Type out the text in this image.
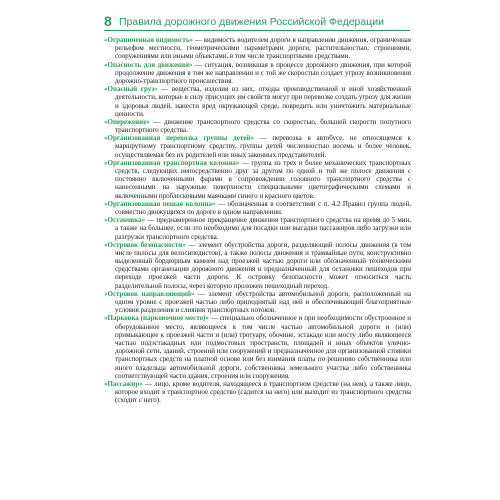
8 Правила дорожного движения Российской Федерации

«Ограниченная видимость» — видимость водителем дороги в направлении движения, ограниченная рельефом местности, геометрическими параметрами дороги, растительностью, строениями, сооружениями или иными объектами, в том числе транспортными средствами.

«Опасность для движения» — ситуация, возникшая в процессе дорожного движения, при которой продолжение движения в том же направлении и с той же скоростью создает угрозу возникновения дорожно-транспортного происшествия.

«Опасный груз» — вещества, изделия из них, отходы производственной и иной хозяйственной деятельности, которые в силу присущих им свойств могут при перевозке создать угрозу для жизни и здоровья людей, нанести вред окружающей среде, повредить или уничтожить материальные ценности.

«Опережение» — движение транспортного средства со скоростью, большей скорости попутного транспортного средства.

«Организованная перевозка группы детей» — перевозка в автобусе, не относящемся к маршрутному транспортному средству, группы детей численностью восемь и более человек, осуществляемая без их родителей или иных законных представителей.

«Организованная транспортная колонна» — группа из трех и более механических транспортных средств, следующих непосредственно друг за другом по одной и той же полосе движения с постоянно включенными фарами в сопровождении головного транспортного средства с нанесенными на наружные поверхности специальными цветографическими схемами и включенными проблесковыми маячками синего и красного цветов.

«Организованная пешая колонна» — обозначенная в соответствии с п. 4.2 Правил группа людей, совместно движущихся по дороге в одном направлении.

«Остановка» — преднамеренное прекращение движения транспортного средства на время до 5 мин, а также на большее, если это необходимо для посадки или высадки пассажиров либо загрузки или разгрузки транспортного средства.

«Островок безопасности» — элемент обустройства дороги, разделяющий полосы движения (в том числе полосы для велосипедистов), а также полосы движения и трамвайные пути, конструктивно выделенный бордюрным камнем над проезжей частью дороги или обозначенный техническими средствами организации дорожного движения и предназначенный для остановки пешеходов при переходе проезжей части дороги. К островку безопасности может относиться часть разделительной полосы, через которую проложен пешеходный переход.

«Островок направляющий» — элемент обустройства автомобильной дороги, расположенный на одном уровне с проезжей частью либо приподнятый над ней и обеспечивающий благоприятные условия разделения и слияния транспортных потоков.

«Парковка (парковочное место)» — специально обозначенное и при необходимости обустроенное и оборудованное место, являющееся в том числе частью автомобильной дороги и (или) примыкающее к проезжей части и (или) тротуару, обочине, эстакаде или мосту либо являющееся частью подэстакадных или подмостовых пространств, площадей и иных объектов улично-дорожной сети, зданий, строений или сооружений и предназначенное для организованной стоянки транспортных средств на платной основе или без взимания платы по решению собственника или иного владельца автомобильной дороги, собственника земельного участка либо собственника соответствующей части здания, строения или сооружения.

«Пассажир» — лицо, кроме водителя, находящееся в транспортном средстве (на нем), а также лицо, которое входит в транспортное средство (садится на него) или выходит из транспортного средства (сходит с него).
